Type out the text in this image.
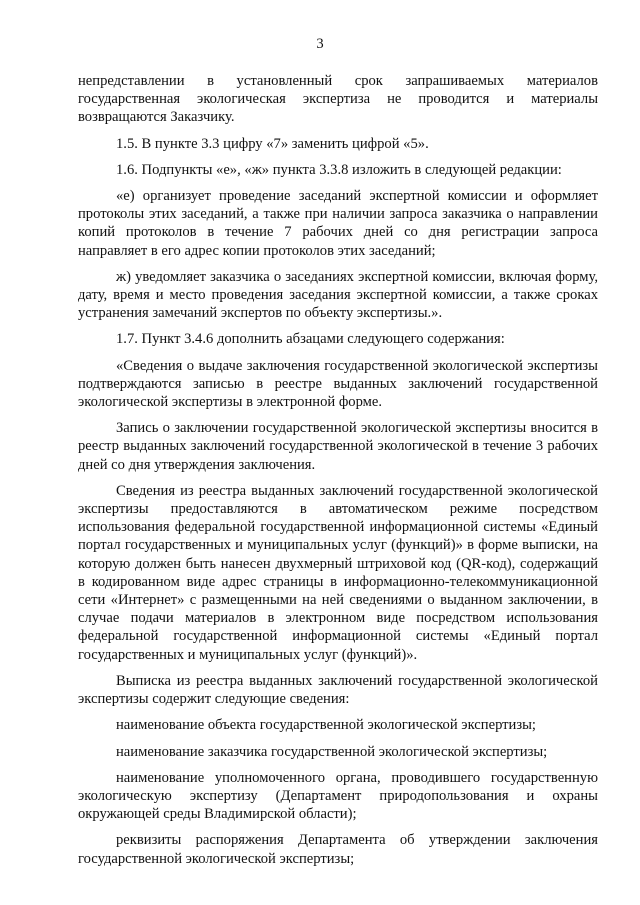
3

непредставлении в установленный срок запрашиваемых материалов государственная экологическая экспертиза не проводится и материалы возвращаются Заказчику.

1.5. В пункте 3.3 цифру «7» заменить цифрой «5».

1.6. Подпункты «е», «ж» пункта 3.3.8 изложить в следующей редакции:

«е) организует проведение заседаний экспертной комиссии и оформляет протоколы этих заседаний, а также при наличии запроса заказчика о направлении копий протоколов в течение 7 рабочих дней со дня регистрации запроса направляет в его адрес копии протоколов этих заседаний;

ж) уведомляет заказчика о заседаниях экспертной комиссии, включая форму, дату, время и место проведения заседания экспертной комиссии, а также сроках устранения замечаний экспертов по объекту экспертизы.».

1.7. Пункт 3.4.6 дополнить абзацами следующего содержания:

«Сведения о выдаче заключения государственной экологической экспертизы подтверждаются записью в реестре выданных заключений государственной экологической экспертизы в электронной форме.

Запись о заключении государственной экологической экспертизы вносится в реестр выданных заключений государственной экологической в течение 3 рабочих дней со дня утверждения заключения.

Сведения из реестра выданных заключений государственной экологической экспертизы предоставляются в автоматическом режиме посредством использования федеральной государственной информационной системы «Единый портал государственных и муниципальных услуг (функций)» в форме выписки, на которую должен быть нанесен двухмерный штриховой код (QR-код), содержащий в кодированном виде адрес страницы в информационно-телекоммуникационной сети «Интернет» с размещенными на ней сведениями о выданном заключении, в случае подачи материалов в электронном виде посредством использования федеральной государственной информационной системы «Единый портал государственных и муниципальных услуг (функций)».

Выписка из реестра выданных заключений государственной экологической экспертизы содержит следующие сведения:

наименование объекта государственной экологической экспертизы;

наименование заказчика государственной экологической экспертизы;

наименование уполномоченного органа, проводившего государственную экологическую экспертизу (Департамент природопользования и охраны окружающей среды Владимирской области);

реквизиты распоряжения Департамента об утверждении заключения государственной экологической экспертизы;
